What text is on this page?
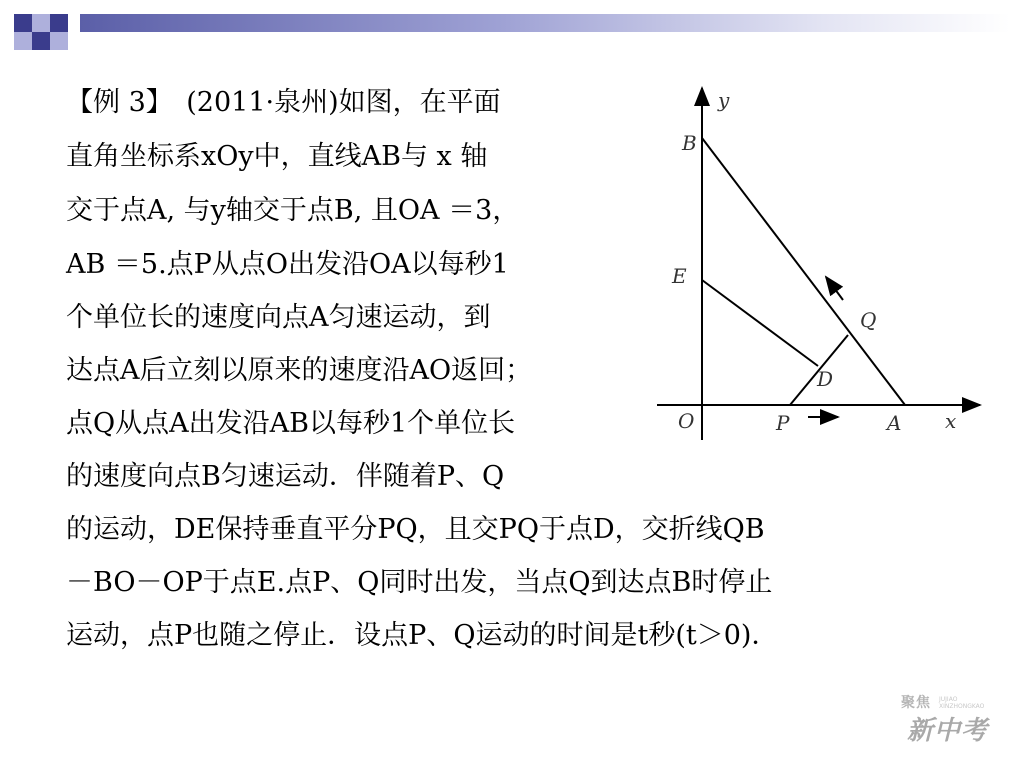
【例 3】　(2011·泉州)如图，在平面
直角坐标系xOy中，直线AB与 x 轴
交于点A, 与y轴交于点B, 且OA ＝3，
AB ＝5.点P从点O出发沿OA以每秒1
个单位长的速度向点A匀速运动，到
达点A后立刻以原来的速度沿AO返回；
点Q从点A出发沿AB以每秒1个单位长
的速度向点B匀速运动．伴随着P、Q
的运动，DE保持垂直平分PQ，且交PQ于点D，交折线QB
－BO－OP于点E.点P、Q同时出发，当点Q到达点B时停止
运动，点P也随之停止．设点P、Q运动的时间是t秒(t＞0)．
y
x
B
E
Q
D
O	P	A
聚焦 JUJIAO XINZHONGKAO
新中考
